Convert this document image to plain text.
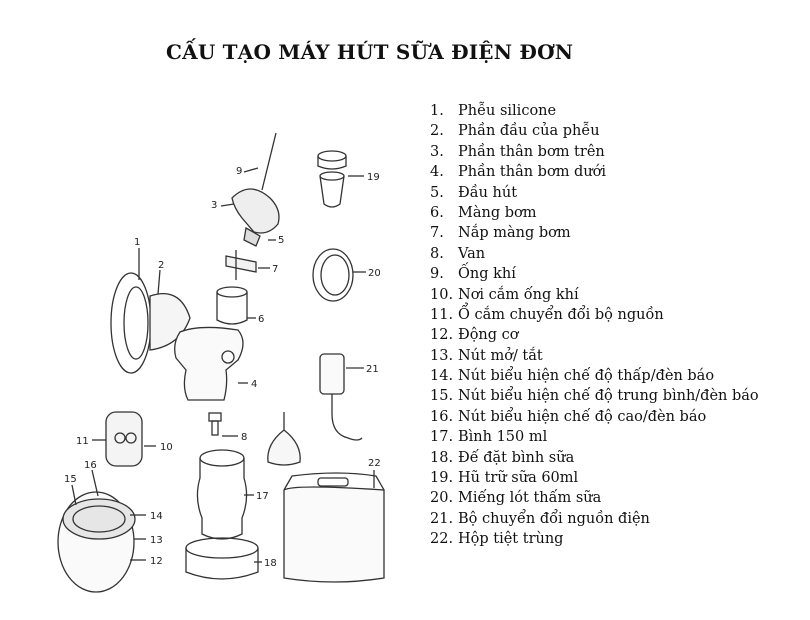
CẤU TẠO MÁY HÚT SỮA ĐIỆN ĐƠN
9
3
5
7
6
1
2
4
8
11
10
12
13
14
15
16
17
18
19
20
21
22
1. Phễu silicone
2. Phần đầu của phễu
3. Phần thân bơm trên
4. Phần thân bơm dưới
5. Đầu hút
6. Màng bơm
7. Nắp màng bơm
8. Van
9. Ống khí
10. Nơi cắm ống khí
11. Ổ cắm chuyển đổi bộ nguồn
12. Động cơ
13. Nút mở/ tắt
14. Nút biểu hiện chế độ thấp/đèn báo
15. Nút biểu hiện chế độ trung bình/đèn báo
16. Nút biểu hiện chế độ cao/đèn báo
17. Bình 150 ml
18. Đế đặt bình sữa
19. Hũ trữ sữa 60ml
20. Miếng lót thấm sữa
21. Bộ chuyển đổi nguồn điện
22. Hộp tiệt trùng
